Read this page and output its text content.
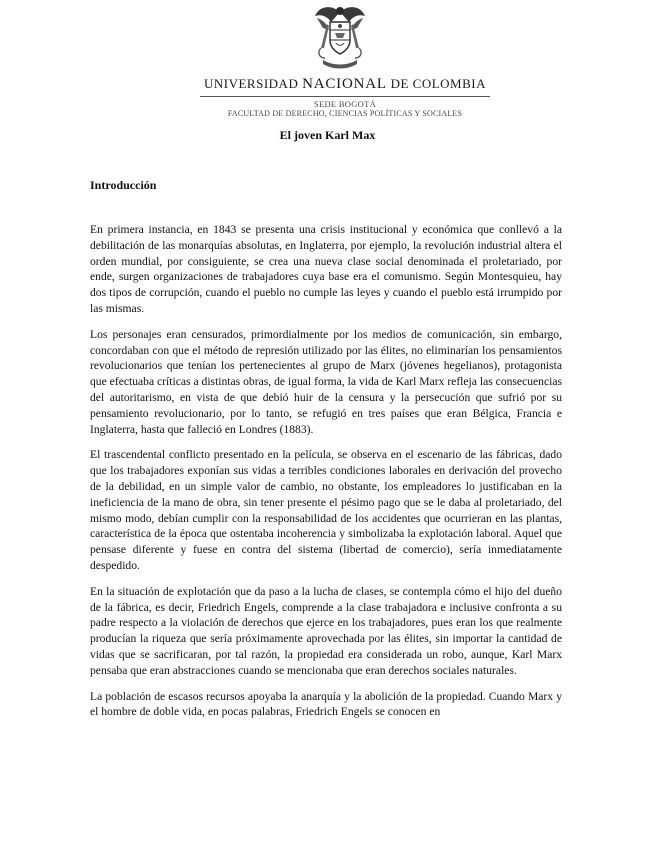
UNIVERSIDAD NACIONAL DE COLOMBIA
SEDE BOGOTÁ
FACULTAD DE DERECHO, CIENCIAS POLÍTICAS Y SOCIALES
El joven Karl Max
Introducción

En primera instancia, en 1843 se presenta una crisis institucional y económica que conllevó a la debilitación de las monarquías absolutas, en Inglaterra, por ejemplo, la revolución industrial altera el orden mundial, por consiguiente, se crea una nueva clase social denominada el proletariado, por ende, surgen organizaciones de trabajadores cuya base era el comunismo. Según Montesquieu, hay dos tipos de corrupción, cuando el pueblo no cumple las leyes y cuando el pueblo está irrumpido por las mismas.

Los personajes eran censurados, primordialmente por los medios de comunicación, sin embargo, concordaban con que el método de represión utilizado por las élites, no eliminarían los pensamientos revolucionarios que tenían los pertenecientes al grupo de Marx (jóvenes hegelianos), protagonista que efectuaba críticas a distintas obras, de igual forma, la vida de Karl Marx refleja las consecuencias del autoritarismo, en vista de que debió huir de la censura y la persecución que sufrió por su pensamiento revolucionario, por lo tanto, se refugió en tres países que eran Bélgica, Francia e Inglaterra, hasta que falleció en Londres (1883).

El trascendental conflicto presentado en la película, se observa en el escenario de las fábricas, dado que los trabajadores exponían sus vidas a terribles condiciones laborales en derivación del provecho de la debilidad, en un simple valor de cambio, no obstante, los empleadores lo justificaban en la ineficiencia de la mano de obra, sin tener presente el pésimo pago que se le daba al proletariado, del mismo modo, debían cumplir con la responsabilidad de los accidentes que ocurrieran en las plantas, característica de la época que ostentaba incoherencia y simbolizaba la explotación laboral. Aquel que pensase diferente y fuese en contra del sistema (libertad de comercio), sería inmediatamente despedido.

En la situación de explotación que da paso a la lucha de clases, se contempla cómo el hijo del dueño de la fábrica, es decir, Friedrich Engels, comprende a la clase trabajadora e inclusive confronta a su padre respecto a la violación de derechos que ejerce en los trabajadores, pues eran los que realmente producían la riqueza que sería próximamente aprovechada por las élites, sin importar la cantidad de vidas que se sacrificaran, por tal razón, la propiedad era considerada un robo, aunque, Karl Marx pensaba que eran abstracciones cuando se mencionaba que eran derechos sociales naturales.

La población de escasos recursos apoyaba la anarquía y la abolición de la propiedad. Cuando Marx y el hombre de doble vida, en pocas palabras, Friedrich Engels se conocen en
